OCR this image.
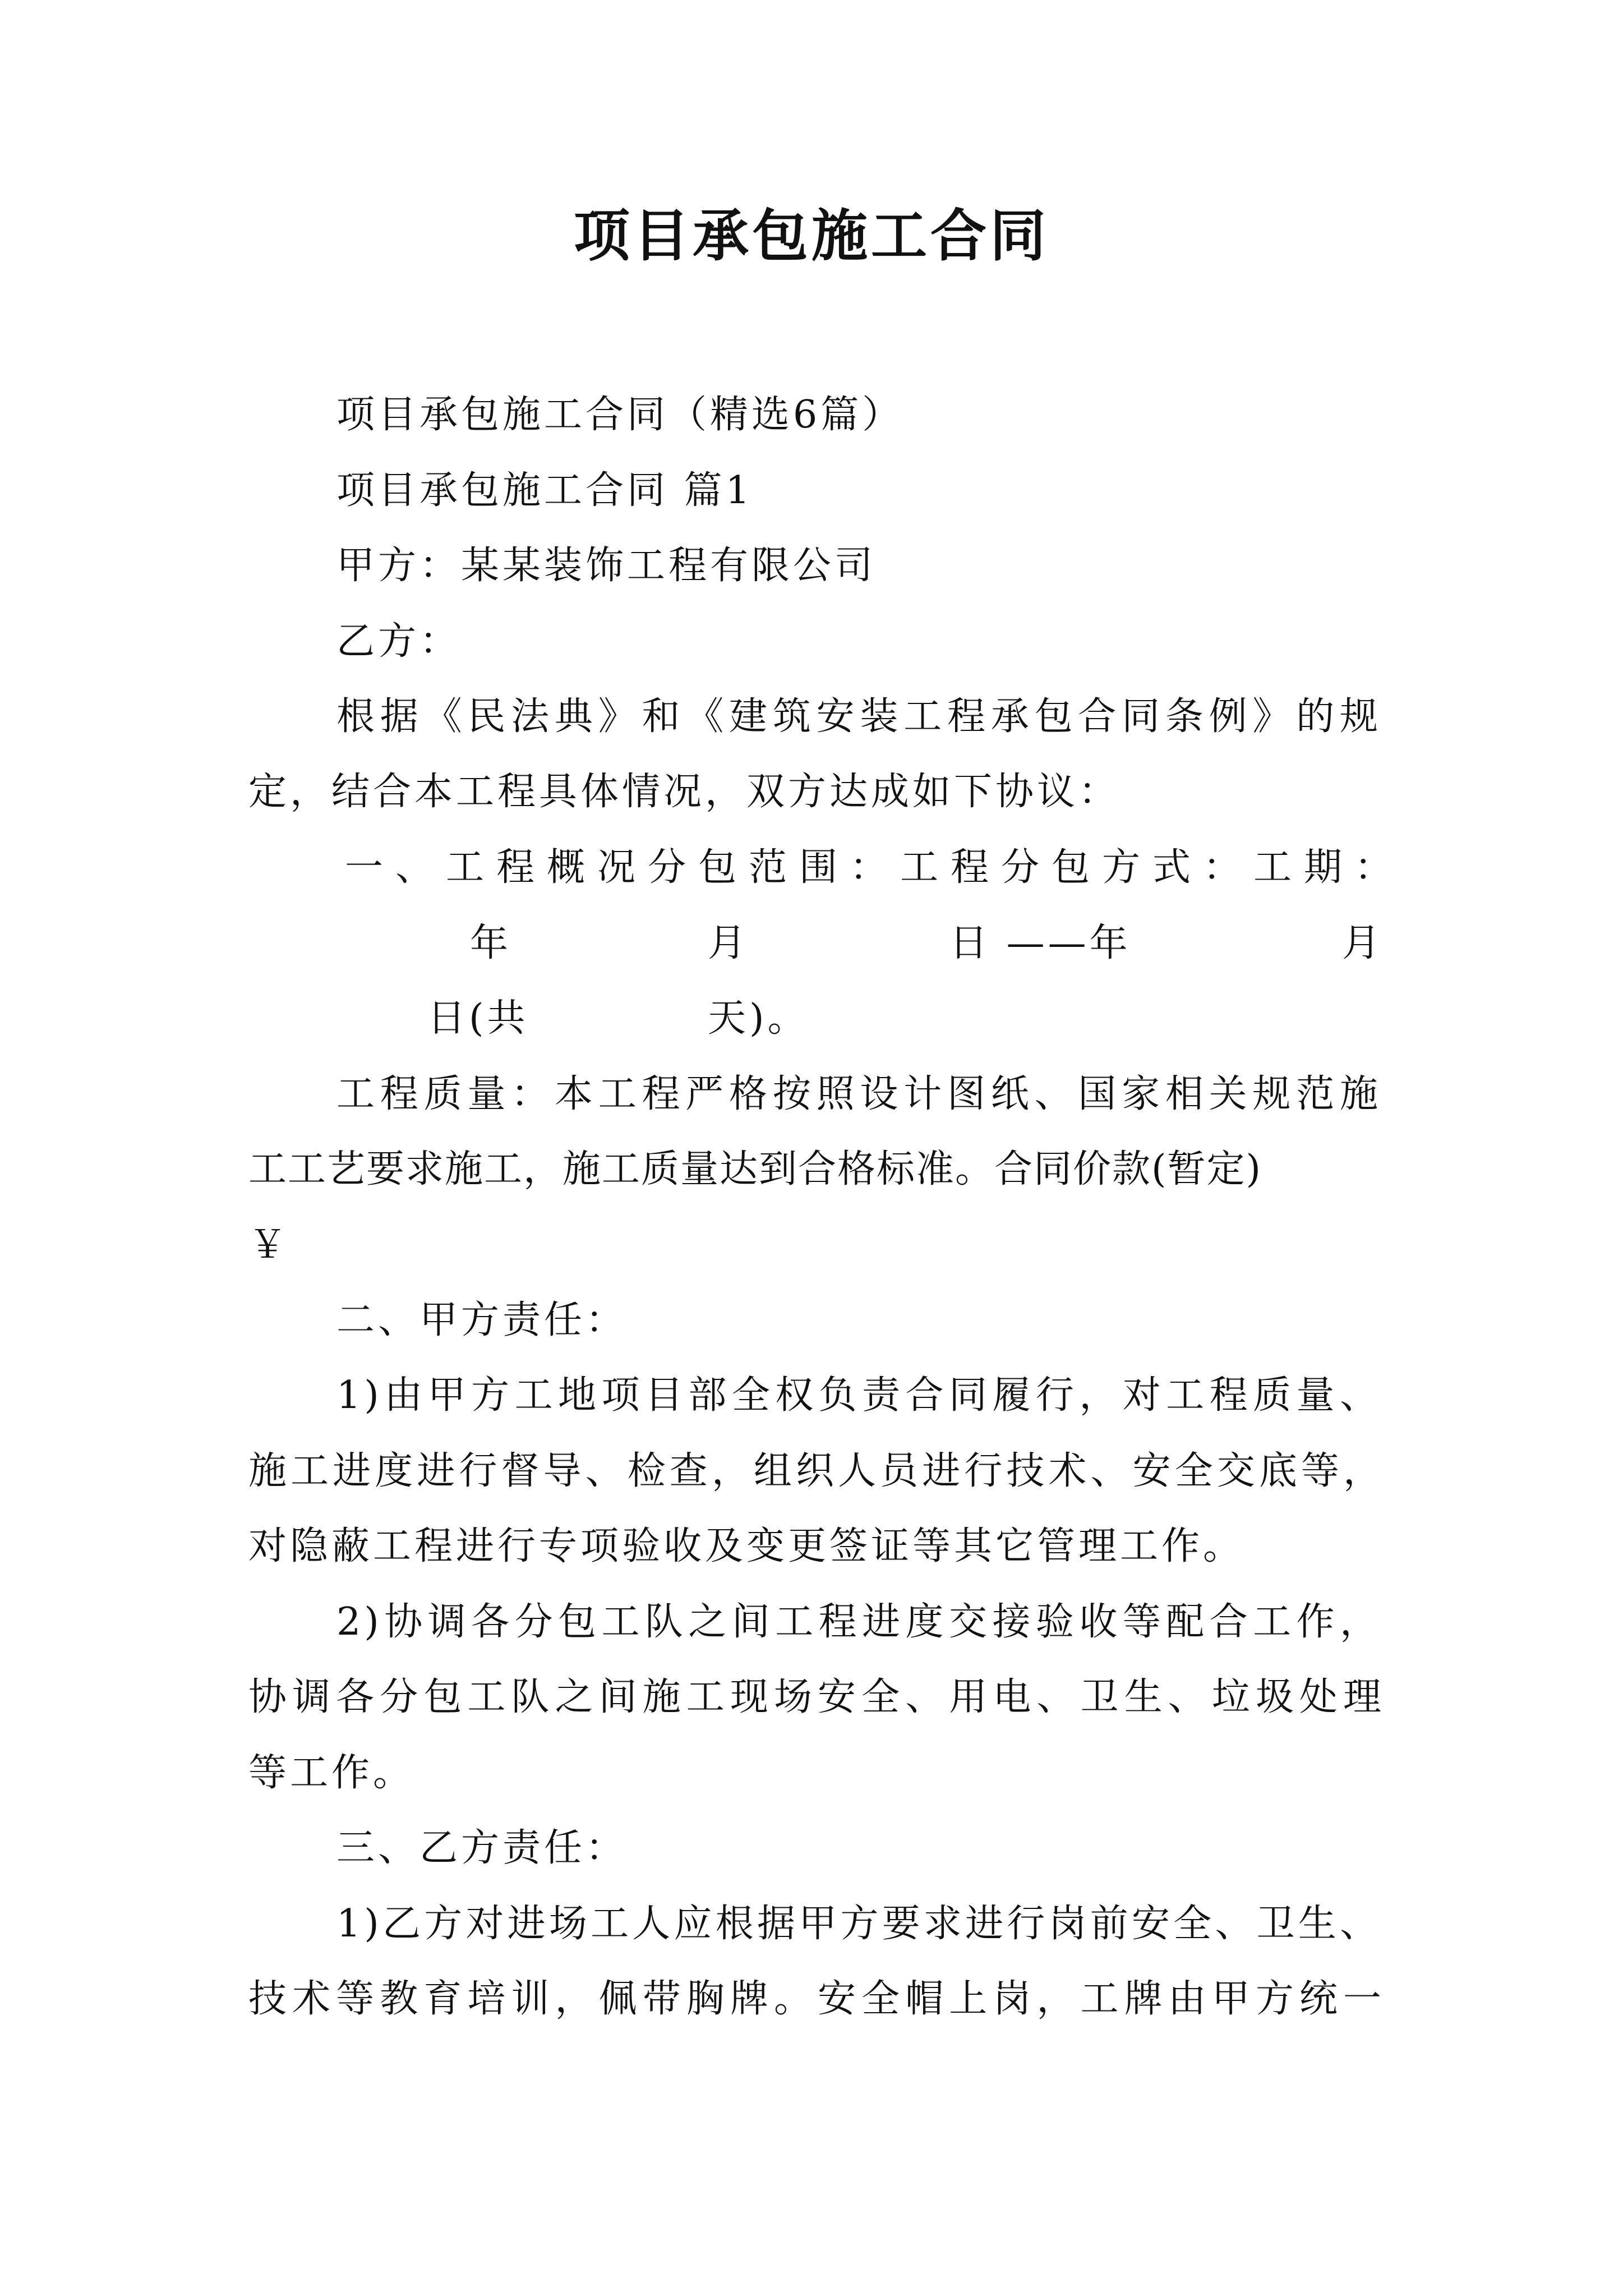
项目承包施工合同
项目承包施工合同（精选6篇）
项目承包施工合同 篇1
甲方：某某装饰工程有限公司
乙方：
根据《民法典》和《建筑安装工程承包合同条例》的规
定，结合本工程具体情况，双方达成如下协议：
一、工程概况分包范围：工程分包方式：工期：
年	月	日 ——年	月
日(共	天)。
工程质量：本工程严格按照设计图纸、国家相关规范施
工工艺要求施工，施工质量达到合格标准。合同价款(暂定)
￥
二、甲方责任：
1)由甲方工地项目部全权负责合同履行，对工程质量、
施工进度进行督导、检查，组织人员进行技术、安全交底等，
对隐蔽工程进行专项验收及变更签证等其它管理工作。
2)协调各分包工队之间工程进度交接验收等配合工作，
协调各分包工队之间施工现场安全、用电、卫生、垃圾处理
等工作。
三、乙方责任：
1)乙方对进场工人应根据甲方要求进行岗前安全、卫生、
技术等教育培训，佩带胸牌。安全帽上岗，工牌由甲方统一
